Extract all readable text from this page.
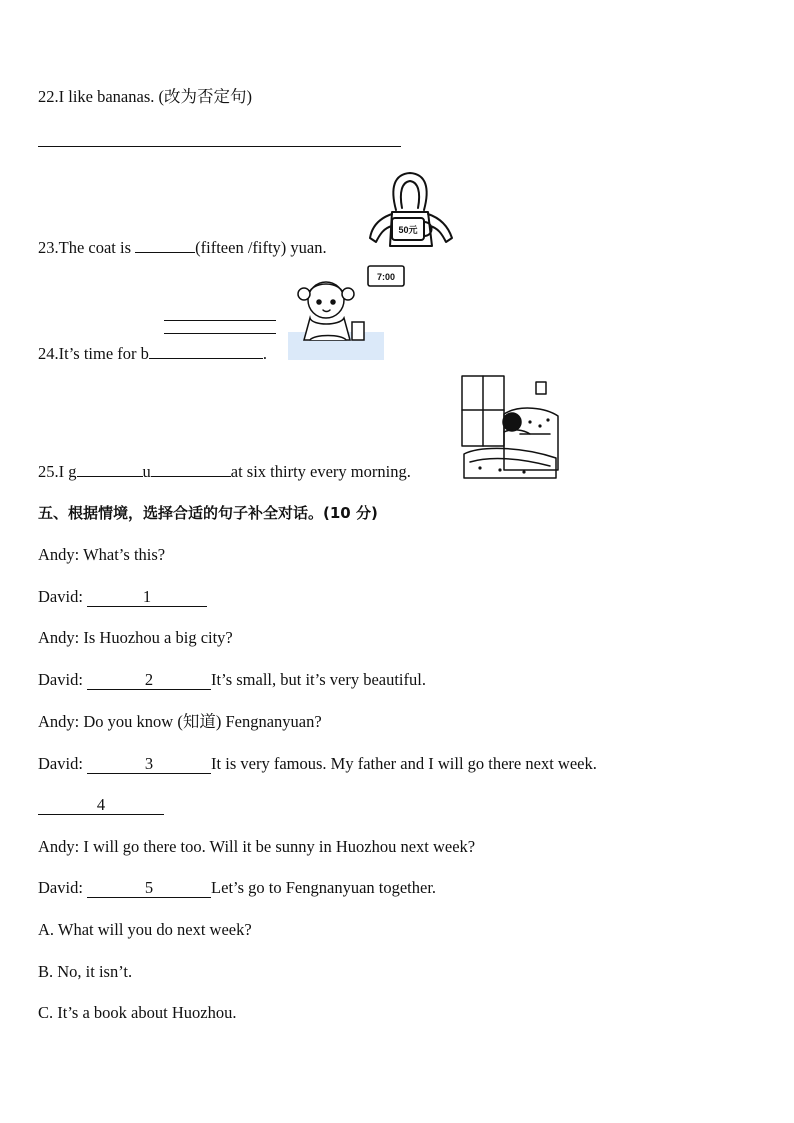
22.I like bananas. (改为否定句)
23.The coat is	(fifteen /fifty) yuan.
50元
24.It’s time for b	.
7:00
25.I g	u	at six thirty every morning.
五、根据情境，选择合适的句子补全对话。(10 分)
Andy: What’s this?
David:	1
Andy: Is Huozhou a big city?
David:	2	It’s small, but it’s very beautiful.
Andy: Do you know (知道) Fengnanyuan?
David:	3	It is very famous. My father and I will go there next week.
4
Andy: I will go there too. Will it be sunny in Huozhou next week?
David:	5	Let’s go to Fengnanyuan together.
A. What will you do next week?
B. No, it isn’t.
C. It’s a book about Huozhou.
